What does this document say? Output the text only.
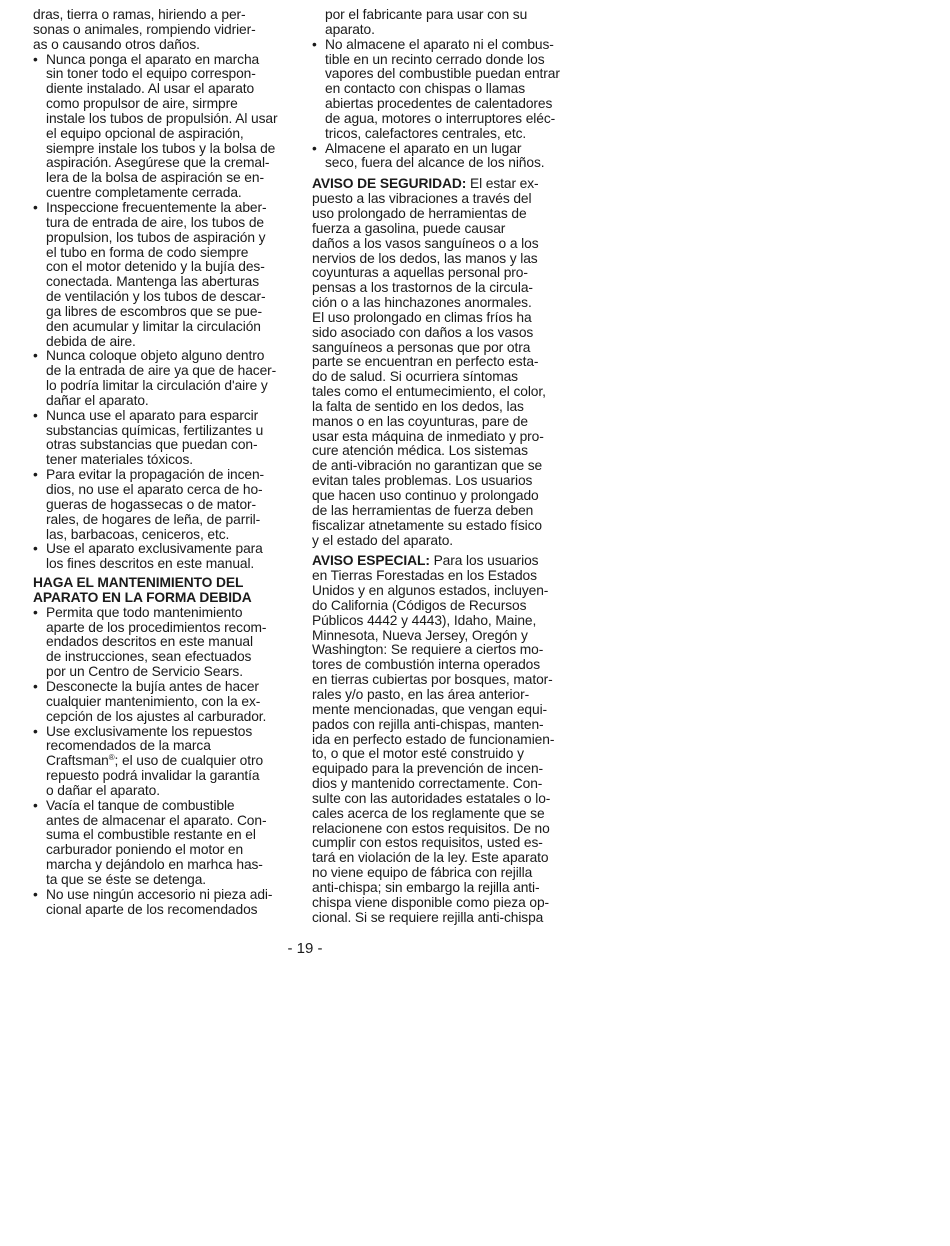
dras, tierra o ramas, hiriendo a per-
sonas o animales, rompiendo vidrier-
as o causando otros daños.
• Nunca ponga el aparato en marcha
sin toner todo el equipo correspon-
diente instalado. Al usar el aparato
como propulsor de aire, sirmpre
instale los tubos de propulsión. Al usar
el equipo opcional de aspiración,
siempre instale los tubos y la bolsa de
aspiración. Asegúrese que la cremal-
lera de la bolsa de aspiración se en-
cuentre completamente cerrada.
• Inspeccione frecuentemente la aber-
tura de entrada de aire, los tubos de
propulsion, los tubos de aspiración y
el tubo en forma de codo siempre
con el motor detenido y la bujía des-
conectada. Mantenga las aberturas
de ventilación y los tubos de descar-
ga libres de escombros que se pue-
den acumular y limitar la circulación
debida de aire.
• Nunca coloque objeto alguno dentro
de la entrada de aire ya que de hacer-
lo podría limitar la circulación d'aire y
dañar el aparato.
• Nunca use el aparato para esparcir
substancias químicas, fertilizantes u
otras substancias que puedan con-
tener materiales tóxicos.
• Para evitar la propagación de incen-
dios, no use el aparato cerca de ho-
gueras de hogassecas o de mator-
rales, de hogares de leña, de parril-
las, barbacoas, ceniceros, etc.
• Use el aparato exclusivamente para
los fines descritos en este manual.
HAGA EL MANTENIMIENTO DEL
APARATO EN LA FORMA DEBIDA
• Permita que todo mantenimiento
aparte de los procedimientos recom-
endados descritos en este manual
de instrucciones, sean efectuados
por un Centro de Servicio Sears.
• Desconecte la bujía antes de hacer
cualquier mantenimiento, con la ex-
cepción de los ajustes al carburador.
• Use exclusivamente los repuestos
recomendados de la marca
Craftsman®; el uso de cualquier otro
repuesto podrá invalidar la garantía
o dañar el aparato.
• Vacía el tanque de combustible
antes de almacenar el aparato. Con-
suma el combustible restante en el
carburador poniendo el motor en
marcha y dejándolo en marhca has-
ta que se éste se detenga.
• No use ningún accesorio ni pieza adi-
cional aparte de los recomendados
por el fabricante para usar con su
aparato.
• No almacene el aparato ni el combus-
tible en un recinto cerrado donde los
vapores del combustible puedan entrar
en contacto con chispas o llamas
abiertas procedentes de calentadores
de agua, motores o interruptores eléc-
tricos, calefactores centrales, etc.
• Almacene el aparato en un lugar
seco, fuera del alcance de los niños.
AVISO DE SEGURIDAD: El estar ex-
puesto a las vibraciones a través del
uso prolongado de herramientas de
fuerza a gasolina, puede causar
daños a los vasos sanguíneos o a los
nervios de los dedos, las manos y las
coyunturas a aquellas personal pro-
pensas a los trastornos de la circula-
ción o a las hinchazones anormales.
El uso prolongado en climas fríos ha
sido asociado con daños a los vasos
sanguíneos a personas que por otra
parte se encuentran en perfecto esta-
do de salud. Si ocurriera síntomas
tales como el entumecimiento, el color,
la falta de sentido en los dedos, las
manos o en las coyunturas, pare de
usar esta máquina de inmediato y pro-
cure atención médica. Los sistemas
de anti-vibración no garantizan que se
evitan tales problemas. Los usuarios
que hacen uso continuo y prolongado
de las herramientas de fuerza deben
fiscalizar atnetamente su estado físico
y el estado del aparato.
AVISO ESPECIAL: Para los usuarios
en Tierras Forestadas en los Estados
Unidos y en algunos estados, incluyen-
do California (Códigos de Recursos
Públicos 4442 y 4443), Idaho, Maine,
Minnesota, Nueva Jersey, Oregón y
Washington: Se requiere a ciertos mo-
tores de combustión interna operados
en tierras cubiertas por bosques, mator-
rales y/o pasto, en las área anterior-
mente mencionadas, que vengan equi-
pados con rejilla anti-chispas, manten-
ida en perfecto estado de funcionamien-
to, o que el motor esté construido y
equipado para la prevención de incen-
dios y mantenido correctamente. Con-
sulte con las autoridades estatales o lo-
cales acerca de los reglamente que se
relacionene con estos requisitos. De no
cumplir con estos requisitos, usted es-
tará en violación de la ley. Este aparato
no viene equipo de fábrica con rejilla
anti-chispa; sin embargo la rejilla anti-
chispa viene disponible como pieza op-
cional. Si se requiere rejilla anti-chispa
- 19 -
